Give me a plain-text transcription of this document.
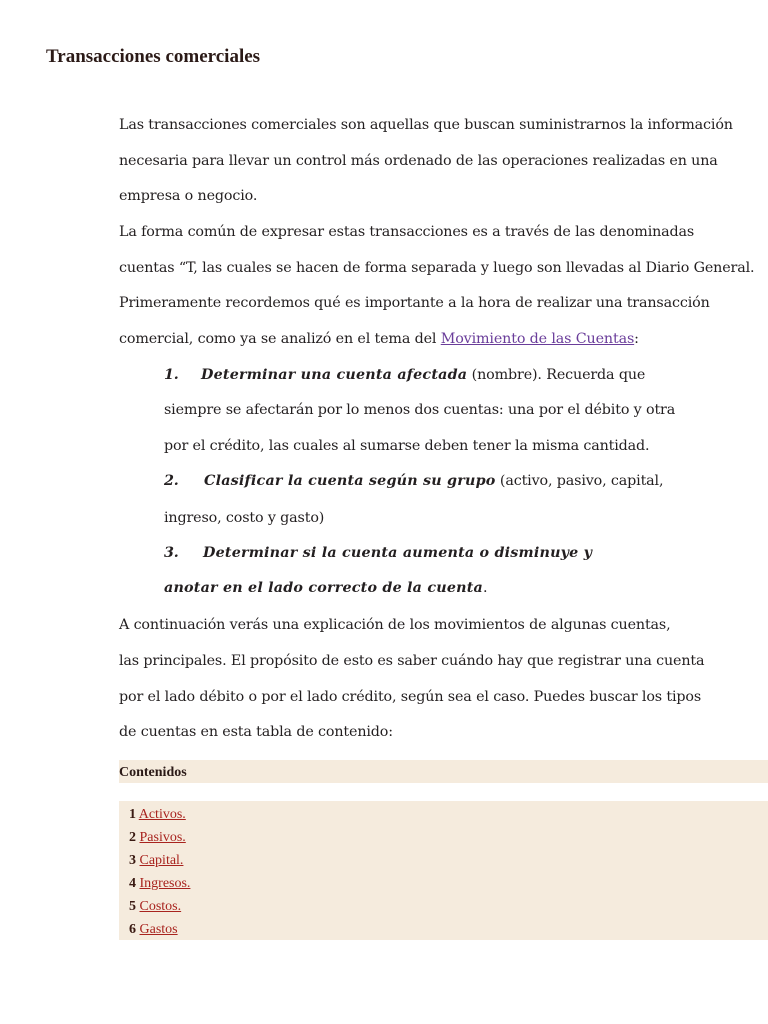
Transacciones comerciales
Las transacciones comerciales son aquellas que buscan suministrarnos la información
necesaria para llevar un control más ordenado de las operaciones realizadas en una
empresa o negocio.
La forma común de expresar estas transacciones es a través de las denominadas
cuentas “T, las cuales se hacen de forma separada y luego son llevadas al Diario General.
Primeramente recordemos qué es importante a la hora de realizar una transacción
comercial, como ya se analizó en el tema del Movimiento de las Cuentas:
1. Determinar una cuenta afectada (nombre). Recuerda que
siempre se afectarán por lo menos dos cuentas: una por el débito y otra
por el crédito, las cuales al sumarse deben tener la misma cantidad.
2. Clasificar la cuenta según su grupo (activo, pasivo, capital,
ingreso, costo y gasto)
3. Determinar si la cuenta aumenta o disminuye y
anotar en el lado correcto de la cuenta.
A continuación verás una explicación de los movimientos de algunas cuentas,
las principales. El propósito de esto es saber cuándo hay que registrar una cuenta
por el lado débito o por el lado crédito, según sea el caso. Puedes buscar los tipos
de cuentas en esta tabla de contenido:
Contenidos
1 Activos.
2 Pasivos.
3 Capital.
4 Ingresos.
5 Costos.
6 Gastos
